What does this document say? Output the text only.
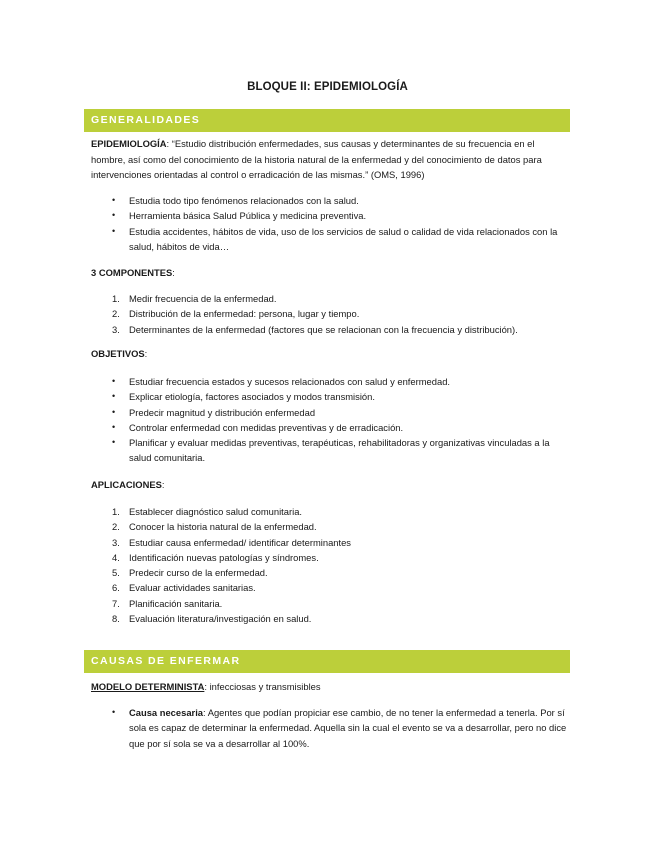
BLOQUE II: EPIDEMIOLOGÍA
GENERALIDADES
EPIDEMIOLOGÍA: “Estudio distribución enfermedades, sus causas y determinantes de su frecuencia en el hombre, así como del conocimiento de la historia natural de la enfermedad y del conocimiento de datos para intervenciones orientadas al control o erradicación de las mismas.” (OMS, 1996)
• Estudia todo tipo fenómenos relacionados con la salud.
• Herramienta básica Salud Pública y medicina preventiva.
• Estudia accidentes, hábitos de vida, uso de los servicios de salud o calidad de vida relacionados con la salud, hábitos de vida…
3 COMPONENTES:
1. Medir frecuencia de la enfermedad.
2. Distribución de la enfermedad: persona, lugar y tiempo.
3. Determinantes de la enfermedad (factores que se relacionan con la frecuencia y distribución).
OBJETIVOS:
• Estudiar frecuencia estados y sucesos relacionados con salud y enfermedad.
• Explicar etiología, factores asociados y modos transmisión.
• Predecir magnitud y distribución enfermedad
• Controlar enfermedad con medidas preventivas y de erradicación.
• Planificar y evaluar medidas preventivas, terapéuticas, rehabilitadoras y organizativas vinculadas a la salud comunitaria.
APLICACIONES:
1. Establecer diagnóstico salud comunitaria.
2. Conocer la historia natural de la enfermedad.
3. Estudiar causa enfermedad/ identificar determinantes
4. Identificación nuevas patologías y síndromes.
5. Predecir curso de la enfermedad.
6. Evaluar actividades sanitarias.
7. Planificación sanitaria.
8. Evaluación literatura/investigación en salud.
CAUSAS DE ENFERMAR
MODELO DETERMINISTA: infecciosas y transmisibles
• Causa necesaria: Agentes que podían propiciar ese cambio, de no tener la enfermedad a tenerla. Por sí sola es capaz de determinar la enfermedad. Aquella sin la cual el evento se va a desarrollar, pero no dice que por sí sola se va a desarrollar al 100%.
